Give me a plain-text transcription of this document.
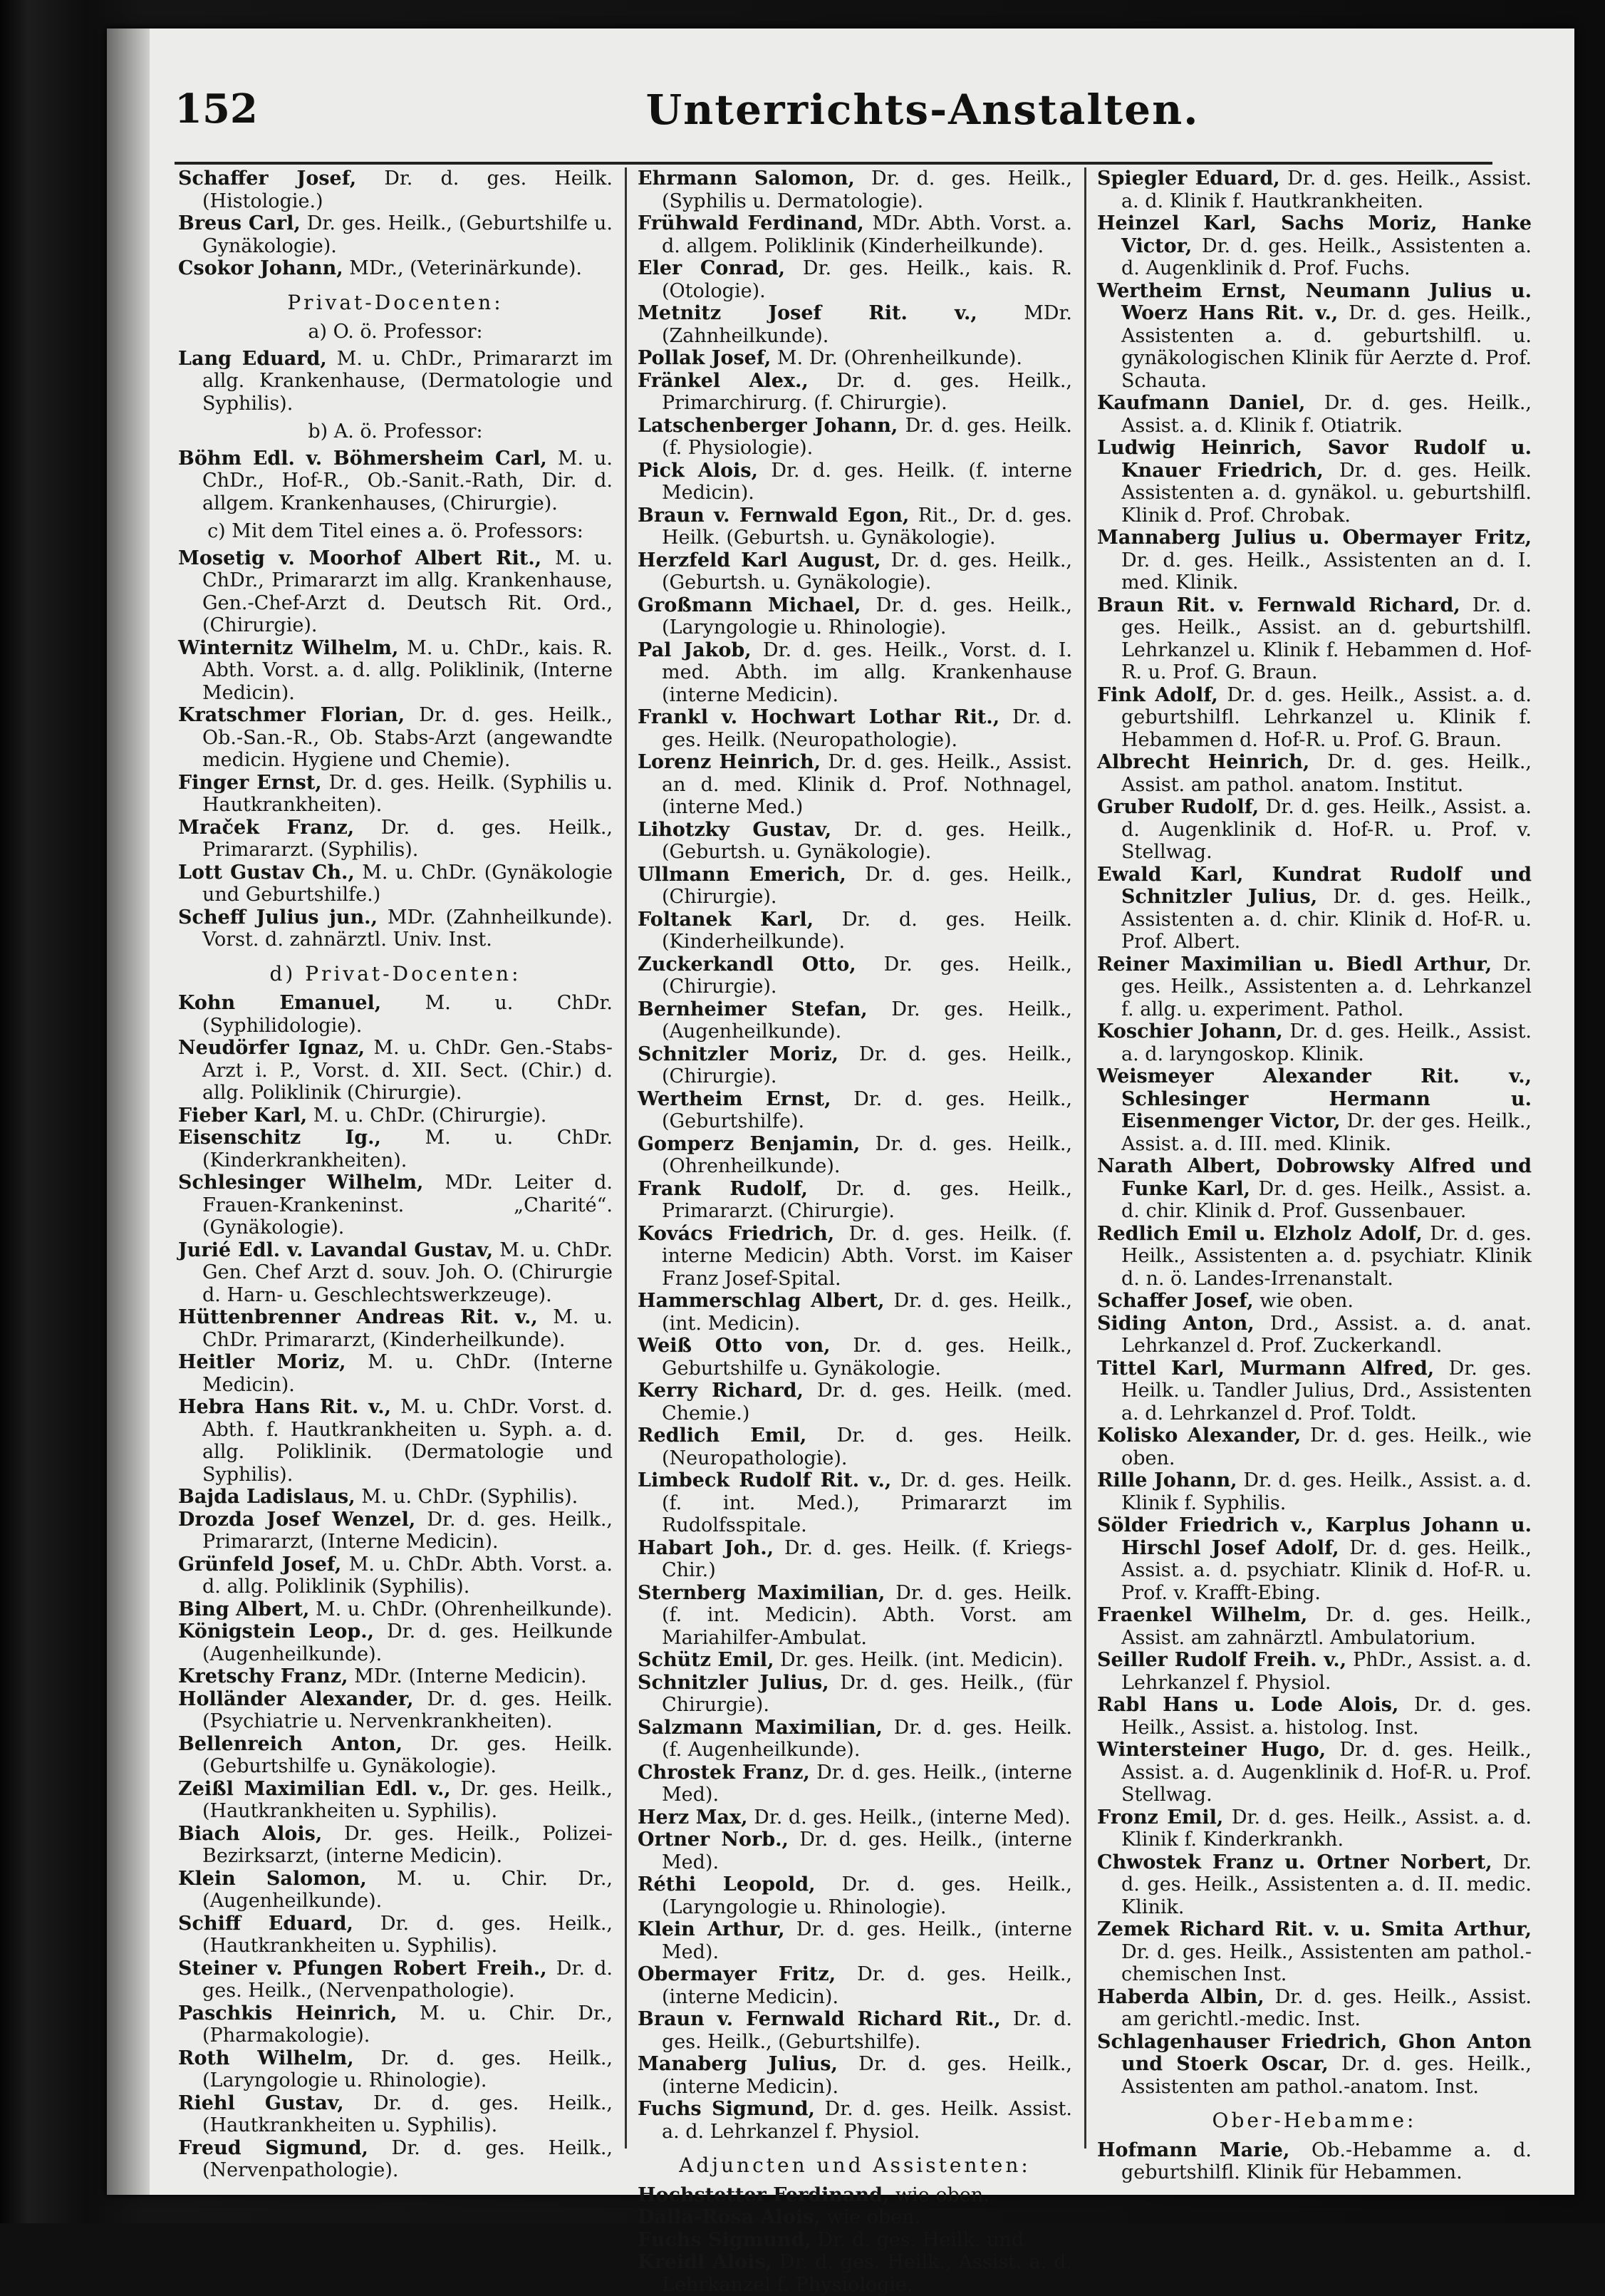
152	Unterrichts-Anstalten.

Schaffer Josef, Dr. d. ges. Heilk. (Histologie.)

Breus Carl, Dr. ges. Heilk., (Geburtshilfe u. Gynäkologie).

Csokor Johann, MDr., (Veterinärkunde).

Privat-Docenten:
a) O. ö. Professor:

Lang Eduard, M. u. ChDr., Primararzt im allg. Krankenhause, (Dermatologie und Syphilis).

b) A. ö. Professor:

Böhm Edl. v. Böhmersheim Carl, M. u. ChDr., Hof-R., Ob.-Sanit.-Rath, Dir. d. allgem. Krankenhauses, (Chirurgie).

c) Mit dem Titel eines a. ö. Professors:

Mosetig v. Moorhof Albert Rit., M. u. ChDr., Primararzt im allg. Krankenhause, Gen.-Chef-Arzt d. Deutsch Rit. Ord., (Chirurgie).

Winternitz Wilhelm, M. u. ChDr., kais. R. Abth. Vorst. a. d. allg. Poliklinik, (Interne Medicin).

Kratschmer Florian, Dr. d. ges. Heilk., Ob.-San.-R., Ob. Stabs-Arzt (angewandte medicin. Hygiene und Chemie).

Finger Ernst, Dr. d. ges. Heilk. (Syphilis u. Hautkrankheiten).

Mraček Franz, Dr. d. ges. Heilk., Primararzt. (Syphilis).

Lott Gustav Ch., M. u. ChDr. (Gynäkologie und Geburtshilfe.)

Scheff Julius jun., MDr. (Zahnheilkunde). Vorst. d. zahnärztl. Univ. Inst.

d) Privat-Docenten:

Kohn Emanuel, M. u. ChDr. (Syphilidologie).

Neudörfer Ignaz, M. u. ChDr. Gen.-Stabs-Arzt i. P., Vorst. d. XII. Sect. (Chir.) d. allg. Poliklinik (Chirurgie).

Fieber Karl, M. u. ChDr. (Chirurgie).

Eisenschitz Ig., M. u. ChDr. (Kinderkrankheiten).

Schlesinger Wilhelm, MDr. Leiter d. Frauen-Krankeninst. „Charité“. (Gynäkologie).

Jurié Edl. v. Lavandal Gustav, M. u. ChDr. Gen. Chef Arzt d. souv. Joh. O. (Chirurgie d. Harn- u. Geschlechtswerkzeuge).

Hüttenbrenner Andreas Rit. v., M. u. ChDr. Primararzt, (Kinderheilkunde).

Heitler Moriz, M. u. ChDr. (Interne Medicin).

Hebra Hans Rit. v., M. u. ChDr. Vorst. d. Abth. f. Hautkrankheiten u. Syph. a. d. allg. Poliklinik. (Dermatologie und Syphilis).

Bajda Ladislaus, M. u. ChDr. (Syphilis).

Drozda Josef Wenzel, Dr. d. ges. Heilk., Primararzt, (Interne Medicin).

Grünfeld Josef, M. u. ChDr. Abth. Vorst. a. d. allg. Poliklinik (Syphilis).

Bing Albert, M. u. ChDr. (Ohrenheilkunde).

Königstein Leop., Dr. d. ges. Heilkunde (Augenheilkunde).

Kretschy Franz, MDr. (Interne Medicin).

Holländer Alexander, Dr. d. ges. Heilk. (Psychiatrie u. Nervenkrankheiten).

Bellenreich Anton, Dr. ges. Heilk. (Geburtshilfe u. Gynäkologie).

Zeißl Maximilian Edl. v., Dr. ges. Heilk., (Hautkrankheiten u. Syphilis).

Biach Alois, Dr. ges. Heilk., Polizei-Bezirksarzt, (interne Medicin).

Klein Salomon, M. u. Chir. Dr., (Augenheilkunde).

Schiff Eduard, Dr. d. ges. Heilk., (Hautkrankheiten u. Syphilis).

Steiner v. Pfungen Robert Freih., Dr. d. ges. Heilk., (Nervenpathologie).

Paschkis Heinrich, M. u. Chir. Dr., (Pharmakologie).

Roth Wilhelm, Dr. d. ges. Heilk., (Laryngologie u. Rhinologie).

Riehl Gustav, Dr. d. ges. Heilk., (Hautkrankheiten u. Syphilis).

Freud Sigmund, Dr. d. ges. Heilk., (Nervenpathologie).

Ehrmann Salomon, Dr. d. ges. Heilk., (Syphilis u. Dermatologie).

Frühwald Ferdinand, MDr. Abth. Vorst. a. d. allgem. Poliklinik (Kinderheilkunde).

Eler Conrad, Dr. ges. Heilk., kais. R. (Otologie).

Metnitz Josef Rit. v., MDr. (Zahnheilkunde).

Pollak Josef, M. Dr. (Ohrenheilkunde).

Fränkel Alex., Dr. d. ges. Heilk., Primarchirurg. (f. Chirurgie).

Latschenberger Johann, Dr. d. ges. Heilk. (f. Physiologie).

Pick Alois, Dr. d. ges. Heilk. (f. interne Medicin).

Braun v. Fernwald Egon, Rit., Dr. d. ges. Heilk. (Geburtsh. u. Gynäkologie).

Herzfeld Karl August, Dr. d. ges. Heilk., (Geburtsh. u. Gynäkologie).

Großmann Michael, Dr. d. ges. Heilk., (Laryngologie u. Rhinologie).

Pal Jakob, Dr. d. ges. Heilk., Vorst. d. I. med. Abth. im allg. Krankenhause (interne Medicin).

Frankl v. Hochwart Lothar Rit., Dr. d. ges. Heilk. (Neuropathologie).

Lorenz Heinrich, Dr. d. ges. Heilk., Assist. an d. med. Klinik d. Prof. Nothnagel, (interne Med.)

Lihotzky Gustav, Dr. d. ges. Heilk., (Geburtsh. u. Gynäkologie).

Ullmann Emerich, Dr. d. ges. Heilk., (Chirurgie).

Foltanek Karl, Dr. d. ges. Heilk. (Kinderheilkunde).

Zuckerkandl Otto, Dr. ges. Heilk., (Chirurgie).

Bernheimer Stefan, Dr. ges. Heilk., (Augenheilkunde).

Schnitzler Moriz, Dr. d. ges. Heilk., (Chirurgie).

Wertheim Ernst, Dr. d. ges. Heilk., (Geburtshilfe).

Gomperz Benjamin, Dr. d. ges. Heilk., (Ohrenheilkunde).

Frank Rudolf, Dr. d. ges. Heilk., Primararzt. (Chirurgie).

Kovács Friedrich, Dr. d. ges. Heilk. (f. interne Medicin) Abth. Vorst. im Kaiser Franz Josef-Spital.

Hammerschlag Albert, Dr. d. ges. Heilk., (int. Medicin).

Weiß Otto von, Dr. d. ges. Heilk., Geburtshilfe u. Gynäkologie.

Kerry Richard, Dr. d. ges. Heilk. (med. Chemie.)

Redlich Emil, Dr. d. ges. Heilk. (Neuropathologie).

Limbeck Rudolf Rit. v., Dr. d. ges. Heilk. (f. int. Med.), Primararzt im Rudolfsspitale.

Habart Joh., Dr. d. ges. Heilk. (f. Kriegs-Chir.)

Sternberg Maximilian, Dr. d. ges. Heilk. (f. int. Medicin). Abth. Vorst. am Mariahilfer-Ambulat.

Schütz Emil, Dr. ges. Heilk. (int. Medicin).

Schnitzler Julius, Dr. d. ges. Heilk., (für Chirurgie).

Salzmann Maximilian, Dr. d. ges. Heilk. (f. Augenheilkunde).

Chrostek Franz, Dr. d. ges. Heilk., (interne Med).

Herz Max, Dr. d. ges. Heilk., (interne Med).

Ortner Norb., Dr. d. ges. Heilk., (interne Med).

Réthi Leopold, Dr. d. ges. Heilk., (Laryngologie u. Rhinologie).

Klein Arthur, Dr. d. ges. Heilk., (interne Med).

Obermayer Fritz, Dr. d. ges. Heilk., (interne Medicin).

Braun v. Fernwald Richard Rit., Dr. d. ges. Heilk., (Geburtshilfe).

Manaberg Julius, Dr. d. ges. Heilk., (interne Medicin).

Fuchs Sigmund, Dr. d. ges. Heilk. Assist. a. d. Lehrkanzel f. Physiol.

Adjuncten und Assistenten:

Hochstetter Ferdinand, wie oben.

Dalla-Rosa Alois, wie oben.

Fuchs Sigmund, Dr. d. ges. Heilk. und

Kreidl Alois, Dr. d. ges. Heilk., Assist. a. d. Lehrkanzel f. Physiologie.

Spiegler Eduard, Dr. d. ges. Heilk., Assist. a. d. Klinik f. Hautkrankheiten.

Heinzel Karl, Sachs Moriz, Hanke Victor, Dr. d. ges. Heilk., Assistenten a. d. Augenklinik d. Prof. Fuchs.

Wertheim Ernst, Neumann Julius u. Woerz Hans Rit. v., Dr. d. ges. Heilk., Assistenten a. d. geburtshilfl. u. gynäkologischen Klinik für Aerzte d. Prof. Schauta.

Kaufmann Daniel, Dr. d. ges. Heilk., Assist. a. d. Klinik f. Otiatrik.

Ludwig Heinrich, Savor Rudolf u. Knauer Friedrich, Dr. d. ges. Heilk. Assistenten a. d. gynäkol. u. geburtshilfl. Klinik d. Prof. Chrobak.

Mannaberg Julius u. Obermayer Fritz, Dr. d. ges. Heilk., Assistenten an d. I. med. Klinik.

Braun Rit. v. Fernwald Richard, Dr. d. ges. Heilk., Assist. an d. geburtshilfl. Lehrkanzel u. Klinik f. Hebammen d. Hof-R. u. Prof. G. Braun.

Fink Adolf, Dr. d. ges. Heilk., Assist. a. d. geburtshilfl. Lehrkanzel u. Klinik f. Hebammen d. Hof-R. u. Prof. G. Braun.

Albrecht Heinrich, Dr. d. ges. Heilk., Assist. am pathol. anatom. Institut.

Gruber Rudolf, Dr. d. ges. Heilk., Assist. a. d. Augenklinik d. Hof-R. u. Prof. v. Stellwag.

Ewald Karl, Kundrat Rudolf und Schnitzler Julius, Dr. d. ges. Heilk., Assistenten a. d. chir. Klinik d. Hof-R. u. Prof. Albert.

Reiner Maximilian u. Biedl Arthur, Dr. ges. Heilk., Assistenten a. d. Lehrkanzel f. allg. u. experiment. Pathol.

Koschier Johann, Dr. d. ges. Heilk., Assist. a. d. laryngoskop. Klinik.

Weismeyer Alexander Rit. v., Schlesinger Hermann u. Eisenmenger Victor, Dr. der ges. Heilk., Assist. a. d. III. med. Klinik.

Narath Albert, Dobrowsky Alfred und Funke Karl, Dr. d. ges. Heilk., Assist. a. d. chir. Klinik d. Prof. Gussenbauer.

Redlich Emil u. Elzholz Adolf, Dr. d. ges. Heilk., Assistenten a. d. psychiatr. Klinik d. n. ö. Landes-Irrenanstalt.

Schaffer Josef, wie oben.

Siding Anton, Drd., Assist. a. d. anat. Lehrkanzel d. Prof. Zuckerkandl.

Tittel Karl, Murmann Alfred, Dr. ges. Heilk. u. Tandler Julius, Drd., Assistenten a. d. Lehrkanzel d. Prof. Toldt.

Kolisko Alexander, Dr. d. ges. Heilk., wie oben.

Rille Johann, Dr. d. ges. Heilk., Assist. a. d. Klinik f. Syphilis.

Sölder Friedrich v., Karplus Johann u. Hirschl Josef Adolf, Dr. d. ges. Heilk., Assist. a. d. psychiatr. Klinik d. Hof-R. u. Prof. v. Krafft-Ebing.

Fraenkel Wilhelm, Dr. d. ges. Heilk., Assist. am zahnärztl. Ambulatorium.

Seiller Rudolf Freih. v., PhDr., Assist. a. d. Lehrkanzel f. Physiol.

Rabl Hans u. Lode Alois, Dr. d. ges. Heilk., Assist. a. histolog. Inst.

Wintersteiner Hugo, Dr. d. ges. Heilk., Assist. a. d. Augenklinik d. Hof-R. u. Prof. Stellwag.

Fronz Emil, Dr. d. ges. Heilk., Assist. a. d. Klinik f. Kinderkrankh.

Chwostek Franz u. Ortner Norbert, Dr. d. ges. Heilk., Assistenten a. d. II. medic. Klinik.

Zemek Richard Rit. v. u. Smita Arthur, Dr. d. ges. Heilk., Assistenten am pathol.-chemischen Inst.

Haberda Albin, Dr. d. ges. Heilk., Assist. am gerichtl.-medic. Inst.

Schlagenhauser Friedrich, Ghon Anton und Stoerk Oscar, Dr. d. ges. Heilk., Assistenten am pathol.-anatom. Inst.

Ober-Hebamme:

Hofmann Marie, Ob.-Hebamme a. d. geburtshilfl. Klinik für Hebammen.
